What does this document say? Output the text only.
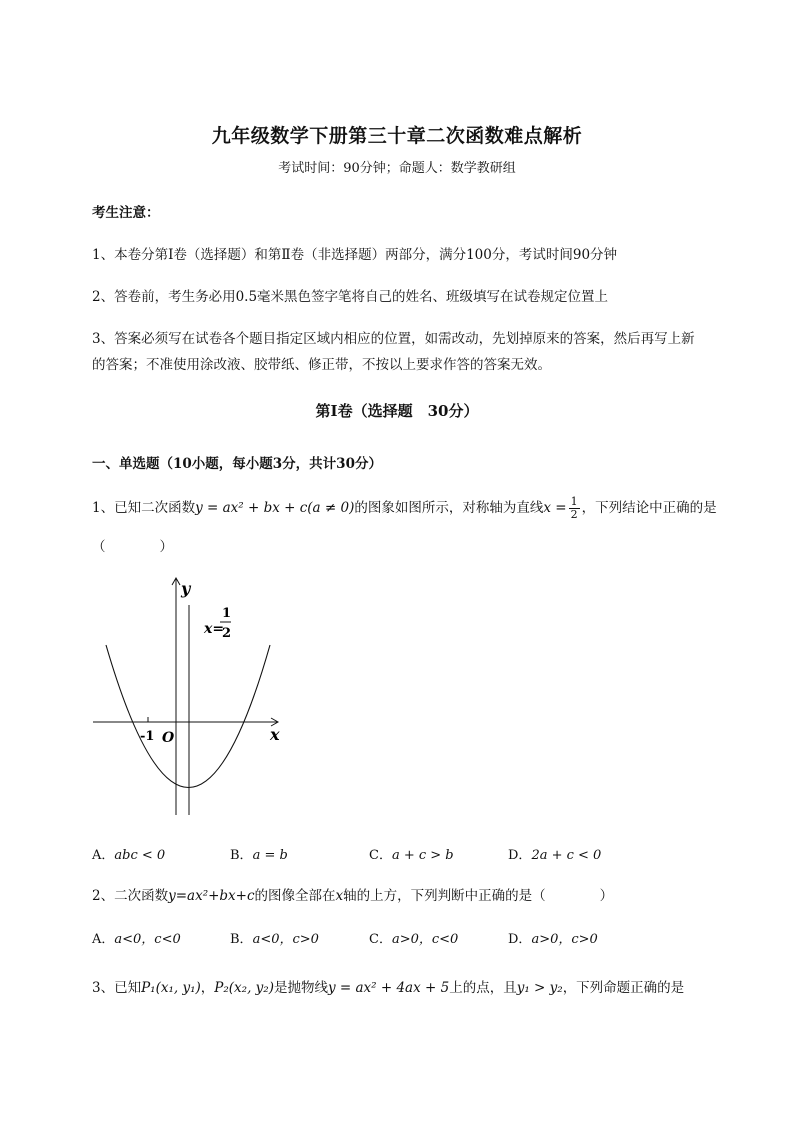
九年级数学下册第三十章二次函数难点解析
考试时间：90分钟；命题人：数学教研组
考生注意：
1、本卷分第I卷（选择题）和第Ⅱ卷（非选择题）两部分，满分100分，考试时间90分钟
2、答卷前，考生务必用0.5毫米黑色签字笔将自己的姓名、班级填写在试卷规定位置上
3、答案必须写在试卷各个题目指定区域内相应的位置，如需改动，先划掉原来的答案，然后再写上新
的答案；不准使用涂改液、胶带纸、修正带，不按以上要求作答的答案无效。
第I卷（选择题　30分）
一、单选题（10小题，每小题3分，共计30分）
1、已知二次函数y = ax² + bx + c(a ≠ 0)的图象如图所示，对称轴为直线$x = \frac{1}{2}$ ，下列结论中正确的是
（　　　　）
y
x
O
-1
x=
1
2
A．abc < 0	B．a = b	C．a + c > b	D．2a + c < 0
2、二次函数y=ax²+bx+c的图像全部在x轴的上方，下列判断中正确的是（　　　　）
A．a<0，c<0	B．a<0，c>0	C．a>0，c<0	D．a>0，c>0
3、已知P₁(x₁, y₁)，P₂(x₂, y₂)是抛物线y = ax² + 4ax + 5上的点，且y₁ > y₂，下列命题正确的是
